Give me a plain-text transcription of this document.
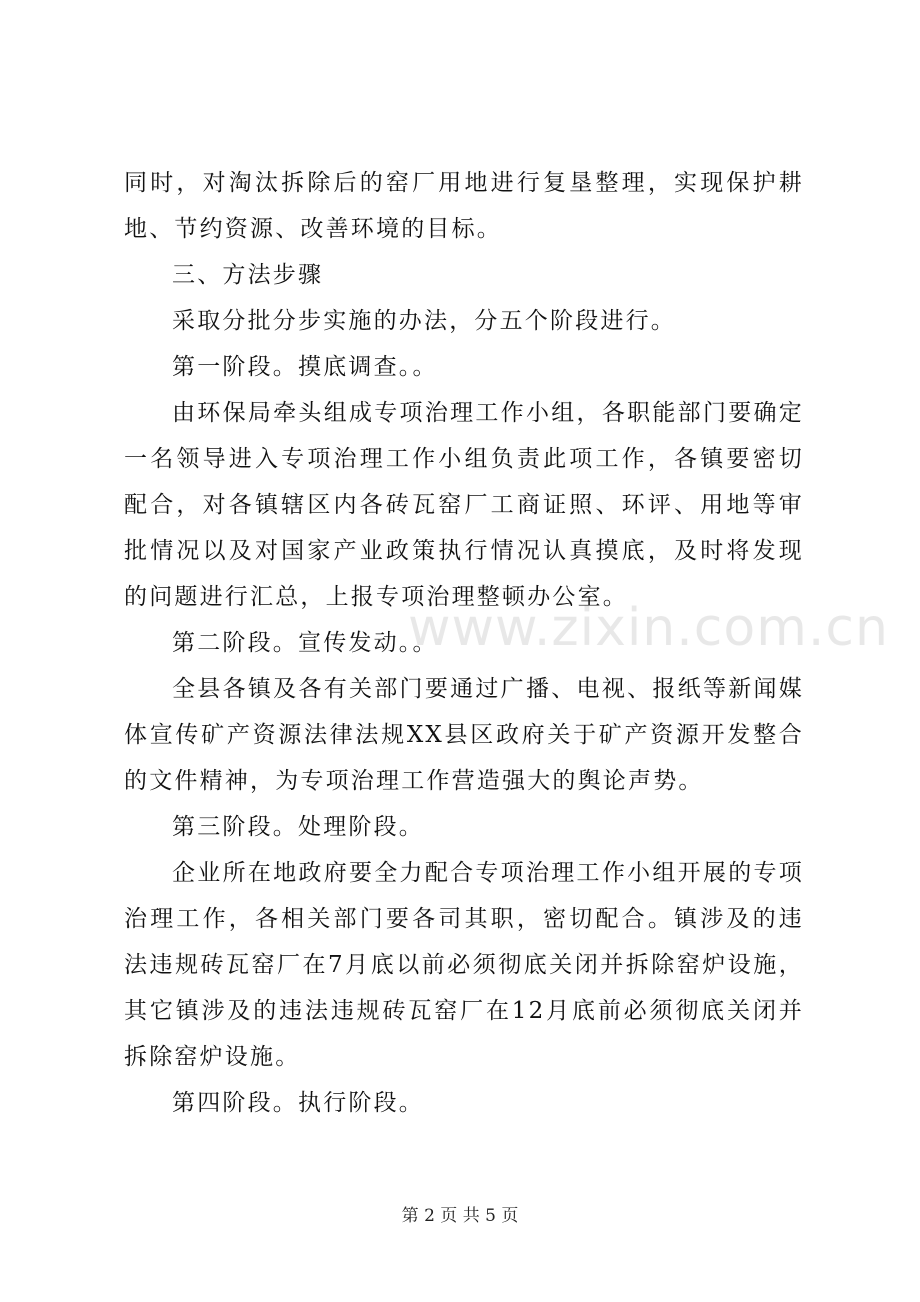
同时，对淘汰拆除后的窑厂用地进行复垦整理，实现保护耕地、节约资源、改善环境的目标。

三、方法步骤

采取分批分步实施的办法，分五个阶段进行。

第一阶段。摸底调查。。

由环保局牵头组成专项治理工作小组，各职能部门要确定一名领导进入专项治理工作小组负责此项工作，各镇要密切配合，对各镇辖区内各砖瓦窑厂工商证照、环评、用地等审批情况以及对国家产业政策执行情况认真摸底，及时将发现的问题进行汇总，上报专项治理整顿办公室。

第二阶段。宣传发动。。

全县各镇及各有关部门要通过广播、电视、报纸等新闻媒体宣传矿产资源法律法规XX县区政府关于矿产资源开发整合的文件精神，为专项治理工作营造强大的舆论声势。

第三阶段。处理阶段。

企业所在地政府要全力配合专项治理工作小组开展的专项治理工作，各相关部门要各司其职，密切配合。镇涉及的违法违规砖瓦窑厂在7月底以前必须彻底关闭并拆除窑炉设施，其它镇涉及的违法违规砖瓦窑厂在12月底前必须彻底关闭并拆除窑炉设施。

第四阶段。执行阶段。

www.zixin.com.cn
第 2 页 共 5 页
